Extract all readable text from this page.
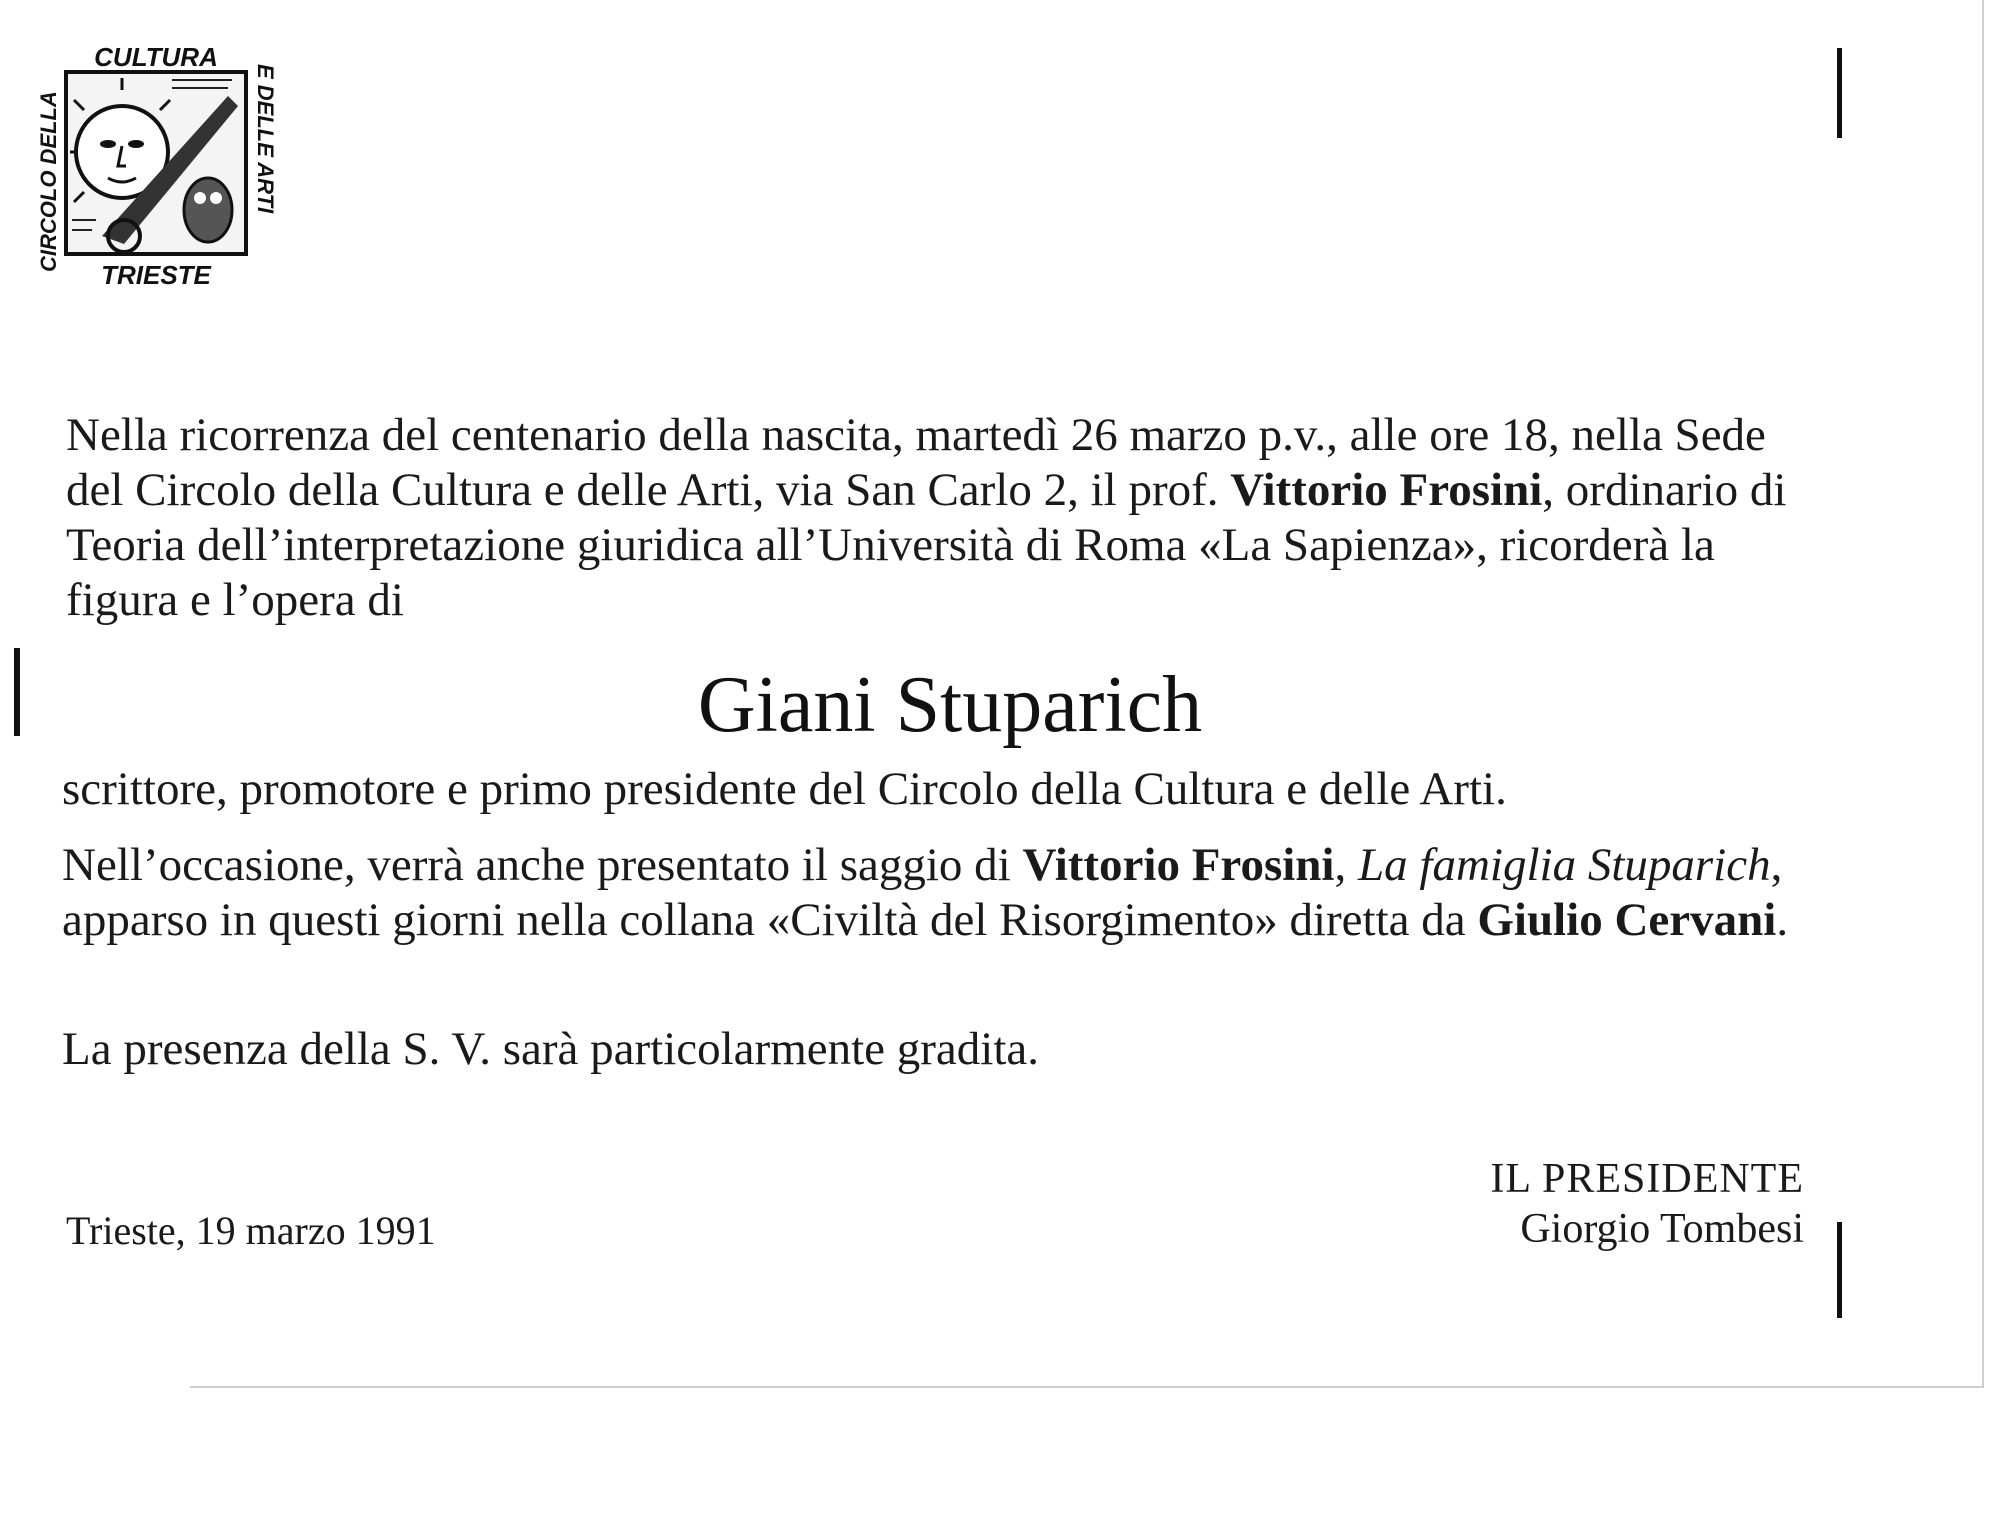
CULTURA
TRIESTE
CIRCOLO DELLA	E DELLE ARTI

Nella ricorrenza del centenario della nascita, martedì 26 marzo p.v., alle ore 18, nella Sede del Circolo della Cultura e delle Arti, via San Carlo 2, il prof. Vittorio Frosini, ordinario di Teoria dell’interpretazione giuridica all’Università di Roma «La Sapienza», ricorderà la figura e l’opera di

Giani Stuparich

scrittore, promotore e primo presidente del Circolo della Cultura e delle Arti.

Nell’occasione, verrà anche presentato il saggio di Vittorio Frosini, La famiglia Stuparich, apparso in questi giorni nella collana «Civiltà del Risorgimento» diretta da Giulio Cervani.

La presenza della S. V. sarà particolarmente gradita.

Trieste, 19 marzo 1991
IL PRESIDENTE
Giorgio Tombesi
